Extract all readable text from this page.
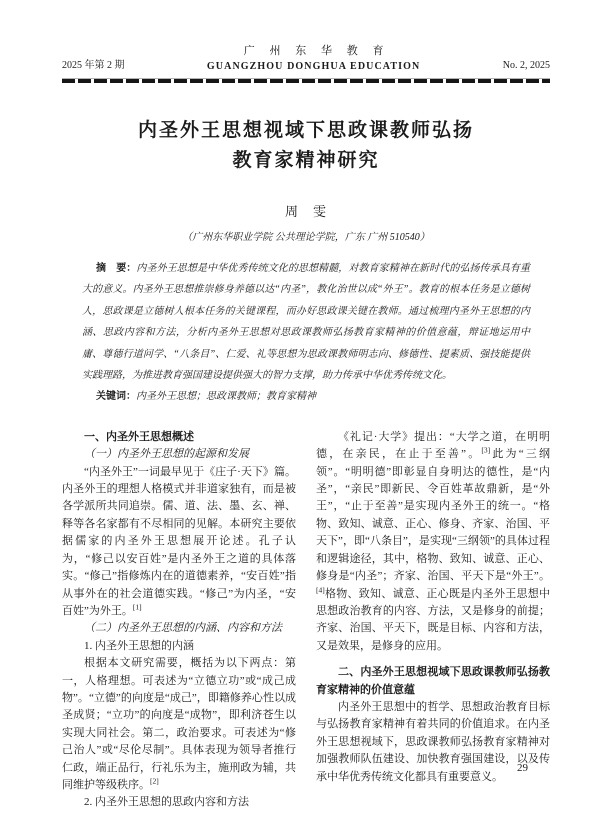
2025 年第 2 期
广 州 东 华 教 育
GUANGZHOU DONGHUA EDUCATION	No. 2, 2025
内圣外王思想视域下思政课教师弘扬
教育家精神研究
周　雯
（广州东华职业学院 公共理论学院，广东 广州 510540）

摘　要：内圣外王思想是中华优秀传统文化的思想精髓，对教育家精神在新时代的弘扬传承具有重大的意义。内圣外王思想推崇修身养德以达“内圣”，教化治世以成“外王”。教育的根本任务是立德树人，思政课是立德树人根本任务的关键课程，而办好思政课关键在教师。通过梳理内圣外王思想的内涵、思政内容和方法，分析内圣外王思想对思政课教师弘扬教育家精神的价值意蕴，辩证地运用中庸、尊德行道问学、“八条目”、仁爱、礼等思想为思政课教师明志向、修德性、提素质、强技能提供实践理路，为推进教育强国建设提供强大的智力支撑，助力传承中华优秀传统文化。

关键词：内圣外王思想；思政课教师；教育家精神

一、内圣外王思想概述

（一）内圣外王思想的起源和发展

“内圣外王”一词最早见于《庄子·天下》篇。内圣外王的理想人格模式并非道家独有，而是被各学派所共同追崇。儒、道、法、墨、玄、禅、释等各名家都有不尽相同的见解。本研究主要依据儒家的内圣外王思想展开论述。孔子认为，“修己以安百姓”是内圣外王之道的具体落实。“修己”指修炼内在的道德素养，“安百姓”指从事外在的社会道德实践。“修己”为内圣，“安百姓”为外王。[1]

（二）内圣外王思想的内涵、内容和方法

1. 内圣外王思想的内涵

根据本文研究需要，概括为以下两点：第一，人格理想。可表述为“立德立功”或“成己成物”。“立德”的向度是“成己”，即籍修养心性以成圣成贤；“立功”的向度是“成物”，即利济苍生以实现大同社会。第二，政治要求。可表述为“修己治人”或“尽伦尽制”。具体表现为领导者推行仁政，端正品行，行礼乐为主，施刑政为辅，共同维护等级秩序。[2]

2. 内圣外王思想的思政内容和方法

《礼记·大学》提出：“大学之道，在明明德，在亲民，在止于至善”。[3]此为“三纲领”。“明明德”即彰显自身明达的德性，是“内圣”，“亲民”即新民、令百姓革故鼎新，是“外王”，“止于至善”是实现内圣外王的统一。“格物、致知、诚意、正心、修身、齐家、治国、平天下”，即“八条目”，是实现“三纲领”的具体过程和逻辑途径，其中，格物、致知、诚意、正心、修身是“内圣”；齐家、治国、平天下是“外王”。[4]格物、致知、诚意、正心既是内圣外王思想中思想政治教育的内容、方法，又是修身的前提；齐家、治国、平天下，既是目标、内容和方法，又是效果，是修身的应用。

二、内圣外王思想视域下思政课教师弘扬教育家精神的价值意蕴

内圣外王思想中的哲学、思想政治教育目标与弘扬教育家精神有着共同的价值追求。在内圣外王思想视域下，思政课教师弘扬教育家精神对加强教师队伍建设、加快教育强国建设，以及传承中华优秀传统文化都具有重要意义。

29
